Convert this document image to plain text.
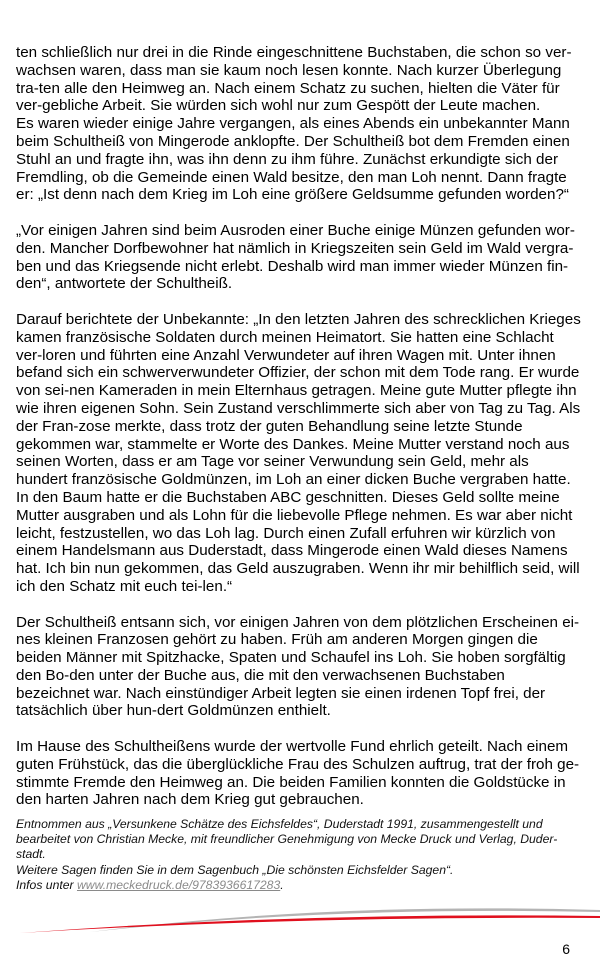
ten schließlich nur drei in die Rinde eingeschnittene Buchstaben, die schon so ver-wachsen waren, dass man sie kaum noch lesen konnte. Nach kurzer Überlegung tra-ten alle den Heimweg an. Nach einem Schatz zu suchen, hielten die Väter für ver-gebliche Arbeit. Sie würden sich wohl nur zum Gespött der Leute machen.

Es waren wieder einige Jahre vergangen, als eines Abends ein unbekannter Mann beim Schultheiß von Mingerode anklopfte. Der Schultheiß bot dem Fremden einen Stuhl an und fragte ihn, was ihn denn zu ihm führe. Zunächst erkundigte sich der Fremdling, ob die Gemeinde einen Wald besitze, den man Loh nennt. Dann fragte er: „Ist denn nach dem Krieg im Loh eine größere Geldsumme gefunden worden?“

„Vor einigen Jahren sind beim Ausroden einer Buche einige Münzen gefunden wor-den. Mancher Dorfbewohner hat nämlich in Kriegszeiten sein Geld im Wald vergra-ben und das Kriegsende nicht erlebt. Deshalb wird man immer wieder Münzen fin-den“, antwortete der Schultheiß.

Darauf berichtete der Unbekannte: „In den letzten Jahren des schrecklichen Krieges kamen französische Soldaten durch meinen Heimatort. Sie hatten eine Schlacht ver-loren und führten eine Anzahl Verwundeter auf ihren Wagen mit. Unter ihnen befand sich ein schwerverwundeter Offizier, der schon mit dem Tode rang. Er wurde von sei-nen Kameraden in mein Elternhaus getragen. Meine gute Mutter pflegte ihn wie ihren eigenen Sohn. Sein Zustand verschlimmerte sich aber von Tag zu Tag. Als der Fran-zose merkte, dass trotz der guten Behandlung seine letzte Stunde gekommen war, stammelte er Worte des Dankes. Meine Mutter verstand noch aus seinen Worten, dass er am Tage vor seiner Verwundung sein Geld, mehr als hundert französische Goldmünzen, im Loh an einer dicken Buche vergraben hatte. In den Baum hatte er die Buchstaben ABC geschnitten. Dieses Geld sollte meine Mutter ausgraben und als Lohn für die liebevolle Pflege nehmen. Es war aber nicht leicht, festzustellen, wo das Loh lag. Durch einen Zufall erfuhren wir kürzlich von einem Handelsmann aus Duderstadt, dass Mingerode einen Wald dieses Namens hat. Ich bin nun gekommen, das Geld auszugraben. Wenn ihr mir behilflich seid, will ich den Schatz mit euch tei-len.“

Der Schultheiß entsann sich, vor einigen Jahren von dem plötzlichen Erscheinen ei-nes kleinen Franzosen gehört zu haben. Früh am anderen Morgen gingen die beiden Männer mit Spitzhacke, Spaten und Schaufel ins Loh. Sie hoben sorgfältig den Bo-den unter der Buche aus, die mit den verwachsenen Buchstaben bezeichnet war. Nach einstündiger Arbeit legten sie einen irdenen Topf frei, der tatsächlich über hun-dert Goldmünzen enthielt.

Im Hause des Schultheißens wurde der wertvolle Fund ehrlich geteilt. Nach einem guten Frühstück, das die überglückliche Frau des Schulzen auftrug, trat der froh ge-stimmte Fremde den Heimweg an. Die beiden Familien konnten die Goldstücke in den harten Jahren nach dem Krieg gut gebrauchen.

Entnommen aus „Versunkene Schätze des Eichsfeldes“, Duderstadt 1991, zusammengestellt und bearbeitet von Christian Mecke, mit freundlicher Genehmigung von Mecke Druck und Verlag, Duder-stadt.

Weitere Sagen finden Sie in dem Sagenbuch „Die schönsten Eichsfelder Sagen“.

Infos unter www.meckedruck.de/9783936617283.

6
